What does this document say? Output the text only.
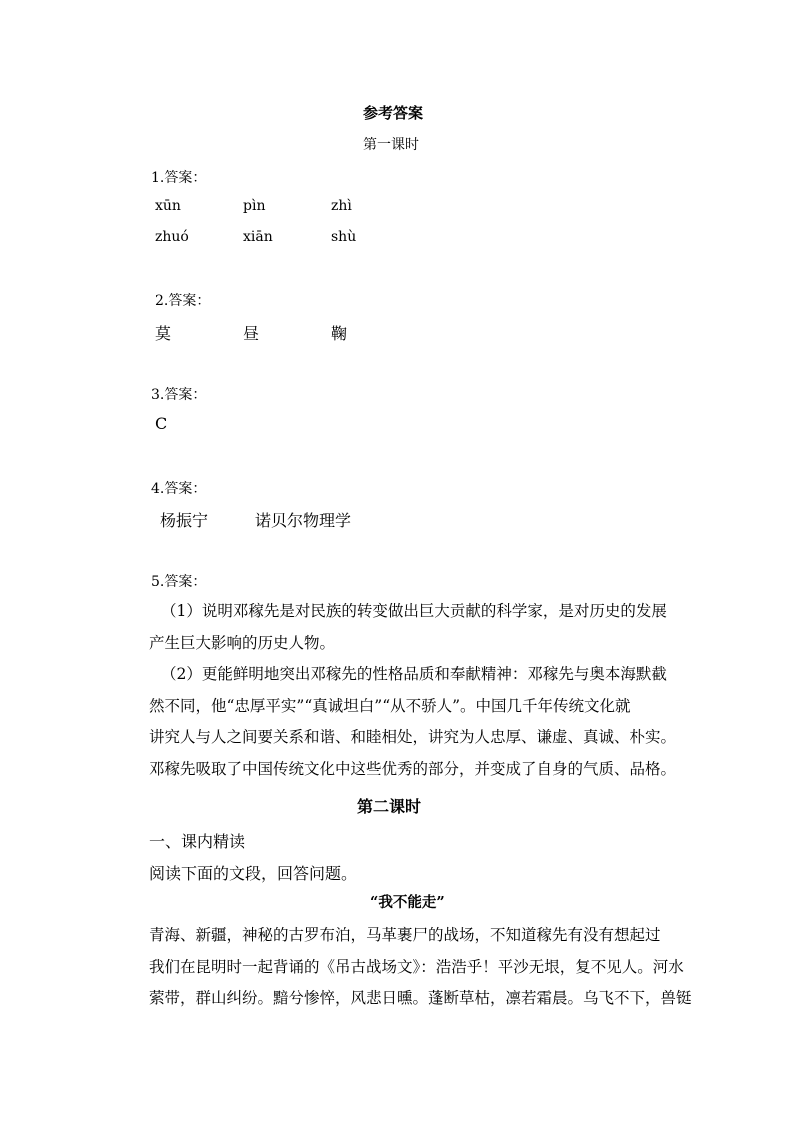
参考答案
第一课时
1.答案：
xūn	pìn	zhì
zhuó	xiān	shù
2.答案：
莫	昼	鞠
3.答案：
C
4.答案：
杨振宁	诺贝尔物理学
5.答案：
（1）说明邓稼先是对民族的转变做出巨大贡献的科学家，是对历史的发展
产生巨大影响的历史人物。
（2）更能鲜明地突出邓稼先的性格品质和奉献精神：邓稼先与奥本海默截
然不同，他“忠厚平实”“真诚坦白”“从不骄人”。中国几千年传统文化就
讲究人与人之间要关系和谐、和睦相处，讲究为人忠厚、谦虚、真诚、朴实。
邓稼先吸取了中国传统文化中这些优秀的部分，并变成了自身的气质、品格。
第二课时
一、课内精读
阅读下面的文段，回答问题。
“我不能走”
青海、新疆，神秘的古罗布泊，马革裹尸的战场，不知道稼先有没有想起过
我们在昆明时一起背诵的《吊古战场文》：浩浩乎！平沙无垠，复不见人。河水
萦带，群山纠纷。黯兮惨悴，风悲日曛。蓬断草枯，凛若霜晨。乌飞不下，兽铤
